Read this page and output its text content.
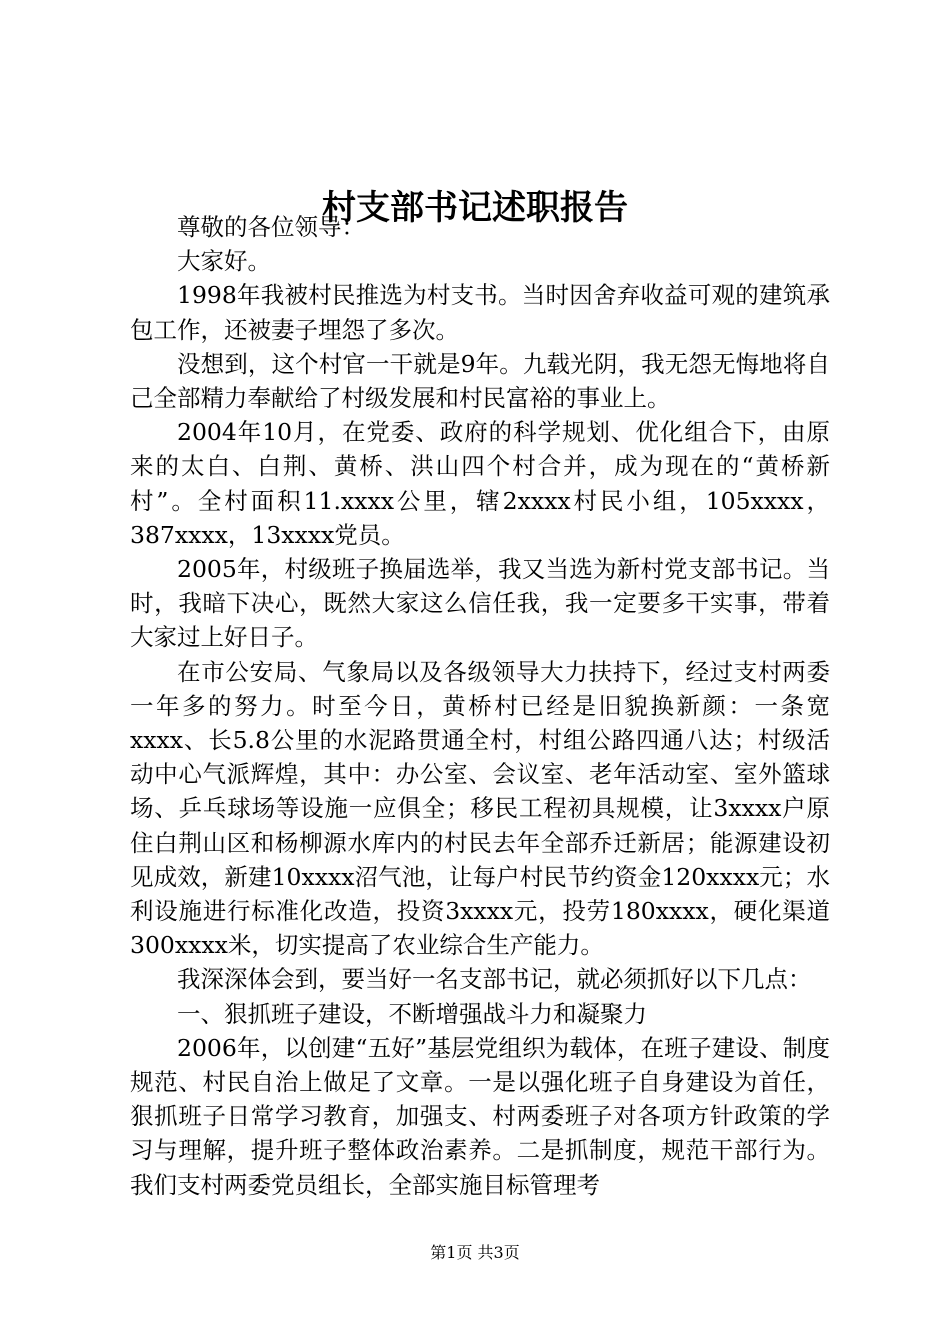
村支部书记述职报告

尊敬的各位领导：

大家好。

1998年我被村民推选为村支书。当时因舍弃收益可观的建筑承包工作，还被妻子埋怨了多次。

没想到，这个村官一干就是9年。九载光阴，我无怨无悔地将自己全部精力奉献给了村级发展和村民富裕的事业上。

2004年10月，在党委、政府的科学规划、优化组合下，由原来的太白、白荆、黄桥、洪山四个村合并，成为现在的“黄桥新村”。全村面积11.xxxx公里，辖2xxxx村民小组，105xxxx，387xxxx，13xxxx党员。

2005年，村级班子换届选举，我又当选为新村党支部书记。当时，我暗下决心，既然大家这么信任我，我一定要多干实事，带着大家过上好日子。

在市公安局、气象局以及各级领导大力扶持下，经过支村两委一年多的努力。时至今日，黄桥村已经是旧貌换新颜：一条宽xxxx、长5.8公里的水泥路贯通全村，村组公路四通八达；村级活动中心气派辉煌，其中：办公室、会议室、老年活动室、室外篮球场、乒乓球场等设施一应俱全；移民工程初具规模，让3xxxx户原住白荆山区和杨柳源水库内的村民去年全部乔迁新居；能源建设初见成效，新建10xxxx沼气池，让每户村民节约资金120xxxx元；水利设施进行标准化改造，投资3xxxx元，投劳180xxxx，硬化渠道300xxxx米，切实提高了农业综合生产能力。

我深深体会到，要当好一名支部书记，就必须抓好以下几点：

一、狠抓班子建设，不断增强战斗力和凝聚力

2006年，以创建“五好”基层党组织为载体，在班子建设、制度规范、村民自治上做足了文章。一是以强化班子自身建设为首任，狠抓班子日常学习教育，加强支、村两委班子对各项方针政策的学习与理解，提升班子整体政治素养。二是抓制度，规范干部行为。我们支村两委党员组长，全部实施目标管理考

第1页 共3页
